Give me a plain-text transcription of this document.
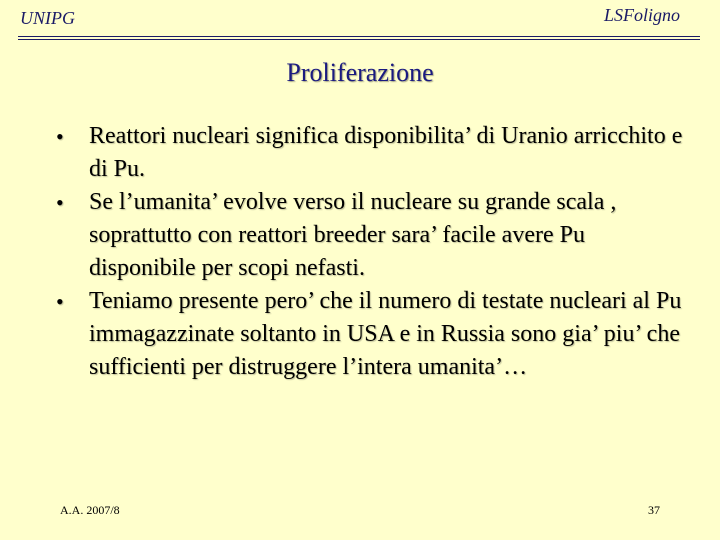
UNIPG	LSFoligno
Proliferazione
• Reattori nucleari significa disponibilita’ di Uranio arricchito e di Pu.
• Se l’umanita’ evolve verso il nucleare su grande scala , soprattutto con reattori breeder sara’ facile avere Pu disponibile per scopi nefasti.
• Teniamo presente pero’ che il numero di testate nucleari al Pu immagazzinate soltanto in USA e in Russia sono gia’ piu’ che sufficienti per distruggere l’intera umanita’…
A.A. 2007/8	37
